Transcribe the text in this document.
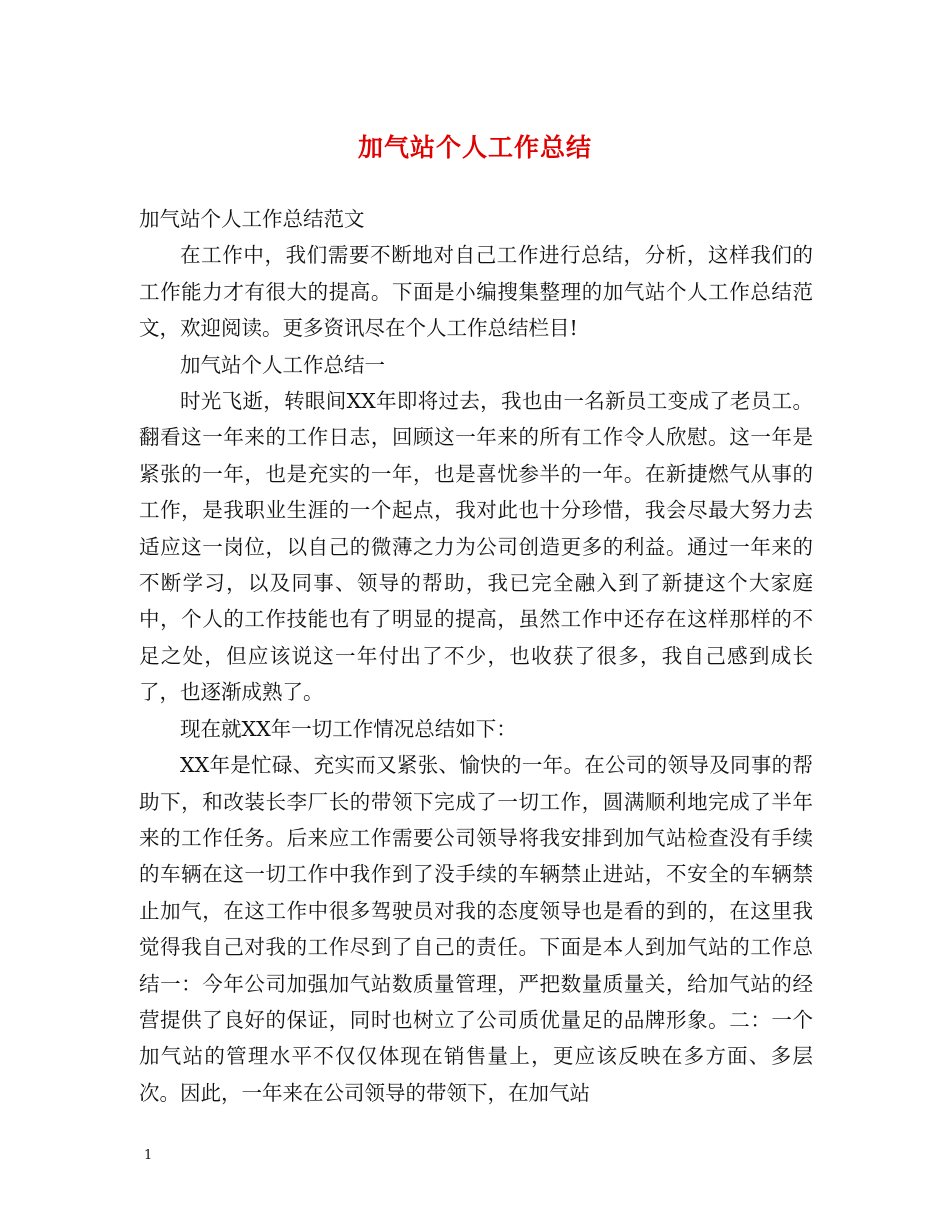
加气站个人工作总结

加气站个人工作总结范文

在工作中，我们需要不断地对自己工作进行总结，分析，这样我们的工作能力才有很大的提高。下面是小编搜集整理的加气站个人工作总结范文，欢迎阅读。更多资讯尽在个人工作总结栏目!

加气站个人工作总结一

时光飞逝，转眼间XX年即将过去，我也由一名新员工变成了老员工。翻看这一年来的工作日志，回顾这一年来的所有工作令人欣慰。这一年是紧张的一年，也是充实的一年，也是喜忧参半的一年。在新捷燃气从事的工作，是我职业生涯的一个起点，我对此也十分珍惜，我会尽最大努力去适应这一岗位，以自己的微薄之力为公司创造更多的利益。通过一年来的不断学习，以及同事、领导的帮助，我已完全融入到了新捷这个大家庭中，个人的工作技能也有了明显的提高，虽然工作中还存在这样那样的不足之处，但应该说这一年付出了不少，也收获了很多，我自己感到成长了，也逐渐成熟了。

现在就XX年一切工作情况总结如下：

XX年是忙碌、充实而又紧张、愉快的一年。在公司的领导及同事的帮助下，和改装长李厂长的带领下完成了一切工作，圆满顺利地完成了半年来的工作任务。后来应工作需要公司领导将我安排到加气站检查没有手续的车辆在这一切工作中我作到了没手续的车辆禁止进站，不安全的车辆禁止加气，在这工作中很多驾驶员对我的态度领导也是看的到的，在这里我觉得我自己对我的工作尽到了自己的责任。下面是本人到加气站的工作总结一：今年公司加强加气站数质量管理，严把数量质量关，给加气站的经营提供了良好的保证，同时也树立了公司质优量足的品牌形象。二：一个加气站的管理水平不仅仅体现在销售量上，更应该反映在多方面、多层次。因此，一年来在公司领导的带领下，在加气站

1
